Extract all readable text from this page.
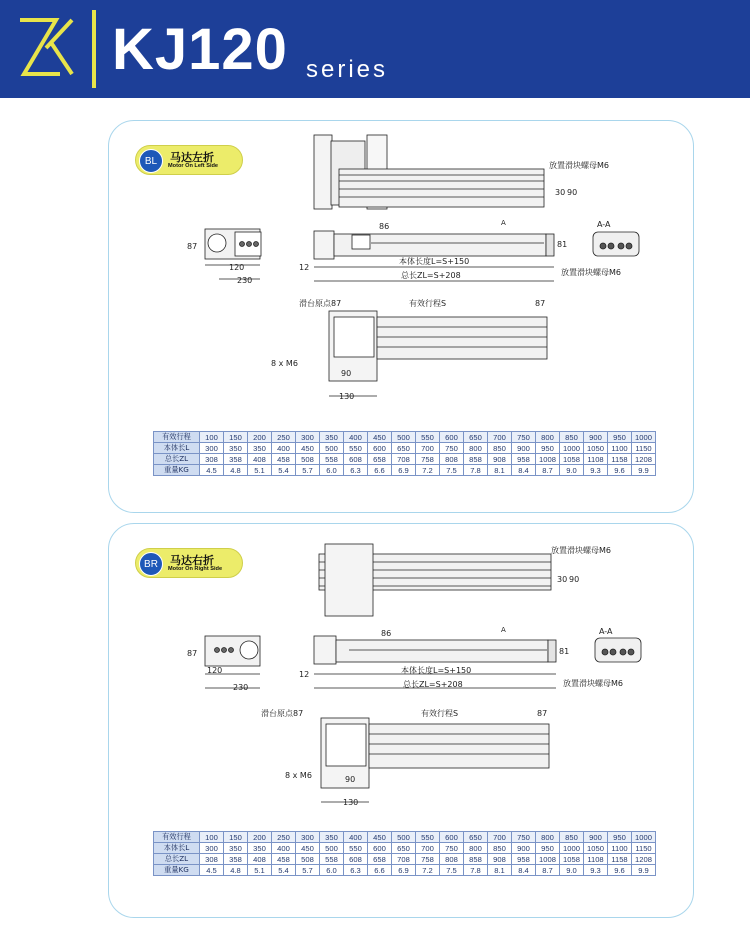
KJ120 series
BL	马达左折
Motor On Left Side	放置滑块螺母M6
A-A
放置滑块螺母M6
本体长度L=S+150
总长ZL=S+208
滑台原点87	有效行程S
8 x M6
87
120
230
12
86
81
30 90
87
90
130
A
有效行程	100	150	200	250	300	350	400	450	500	550	600	650	700	750	800	850	900	950	1000
本体长L	300	350	350	400	450	500	550	600	650	700	750	800	850	900	950	1000	1050	1100	1150
总长ZL	308	358	408	458	508	558	608	658	708	758	808	858	908	958	1008	1058	1108	1158	1208
重量KG	4.5	4.8	5.1	5.4	5.7	6.0	6.3	6.6	6.9	7.2	7.5	7.8	8.1	8.4	8.7	9.0	9.3	9.6	9.9
BR	马达右折
Motor On Right Side
放置滑块螺母M6
A-A
放置滑块螺母M6
本体长度L=S+150
总长ZL=S+208
滑台原点87	有效行程S
8 x M6
87
120
230
12
86
81
30 90
87
90
130
A
有效行程	100	150	200	250	300	350	400	450	500	550	600	650	700	750	800	850	900	950	1000
本体长L	300	350	350	400	450	500	550	600	650	700	750	800	850	900	950	1000	1050	1100	1150
总长ZL	308	358	408	458	508	558	608	658	708	758	808	858	908	958	1008	1058	1108	1158	1208
重量KG	4.5	4.8	5.1	5.4	5.7	6.0	6.3	6.6	6.9	7.2	7.5	7.8	8.1	8.4	8.7	9.0	9.3	9.6	9.9
